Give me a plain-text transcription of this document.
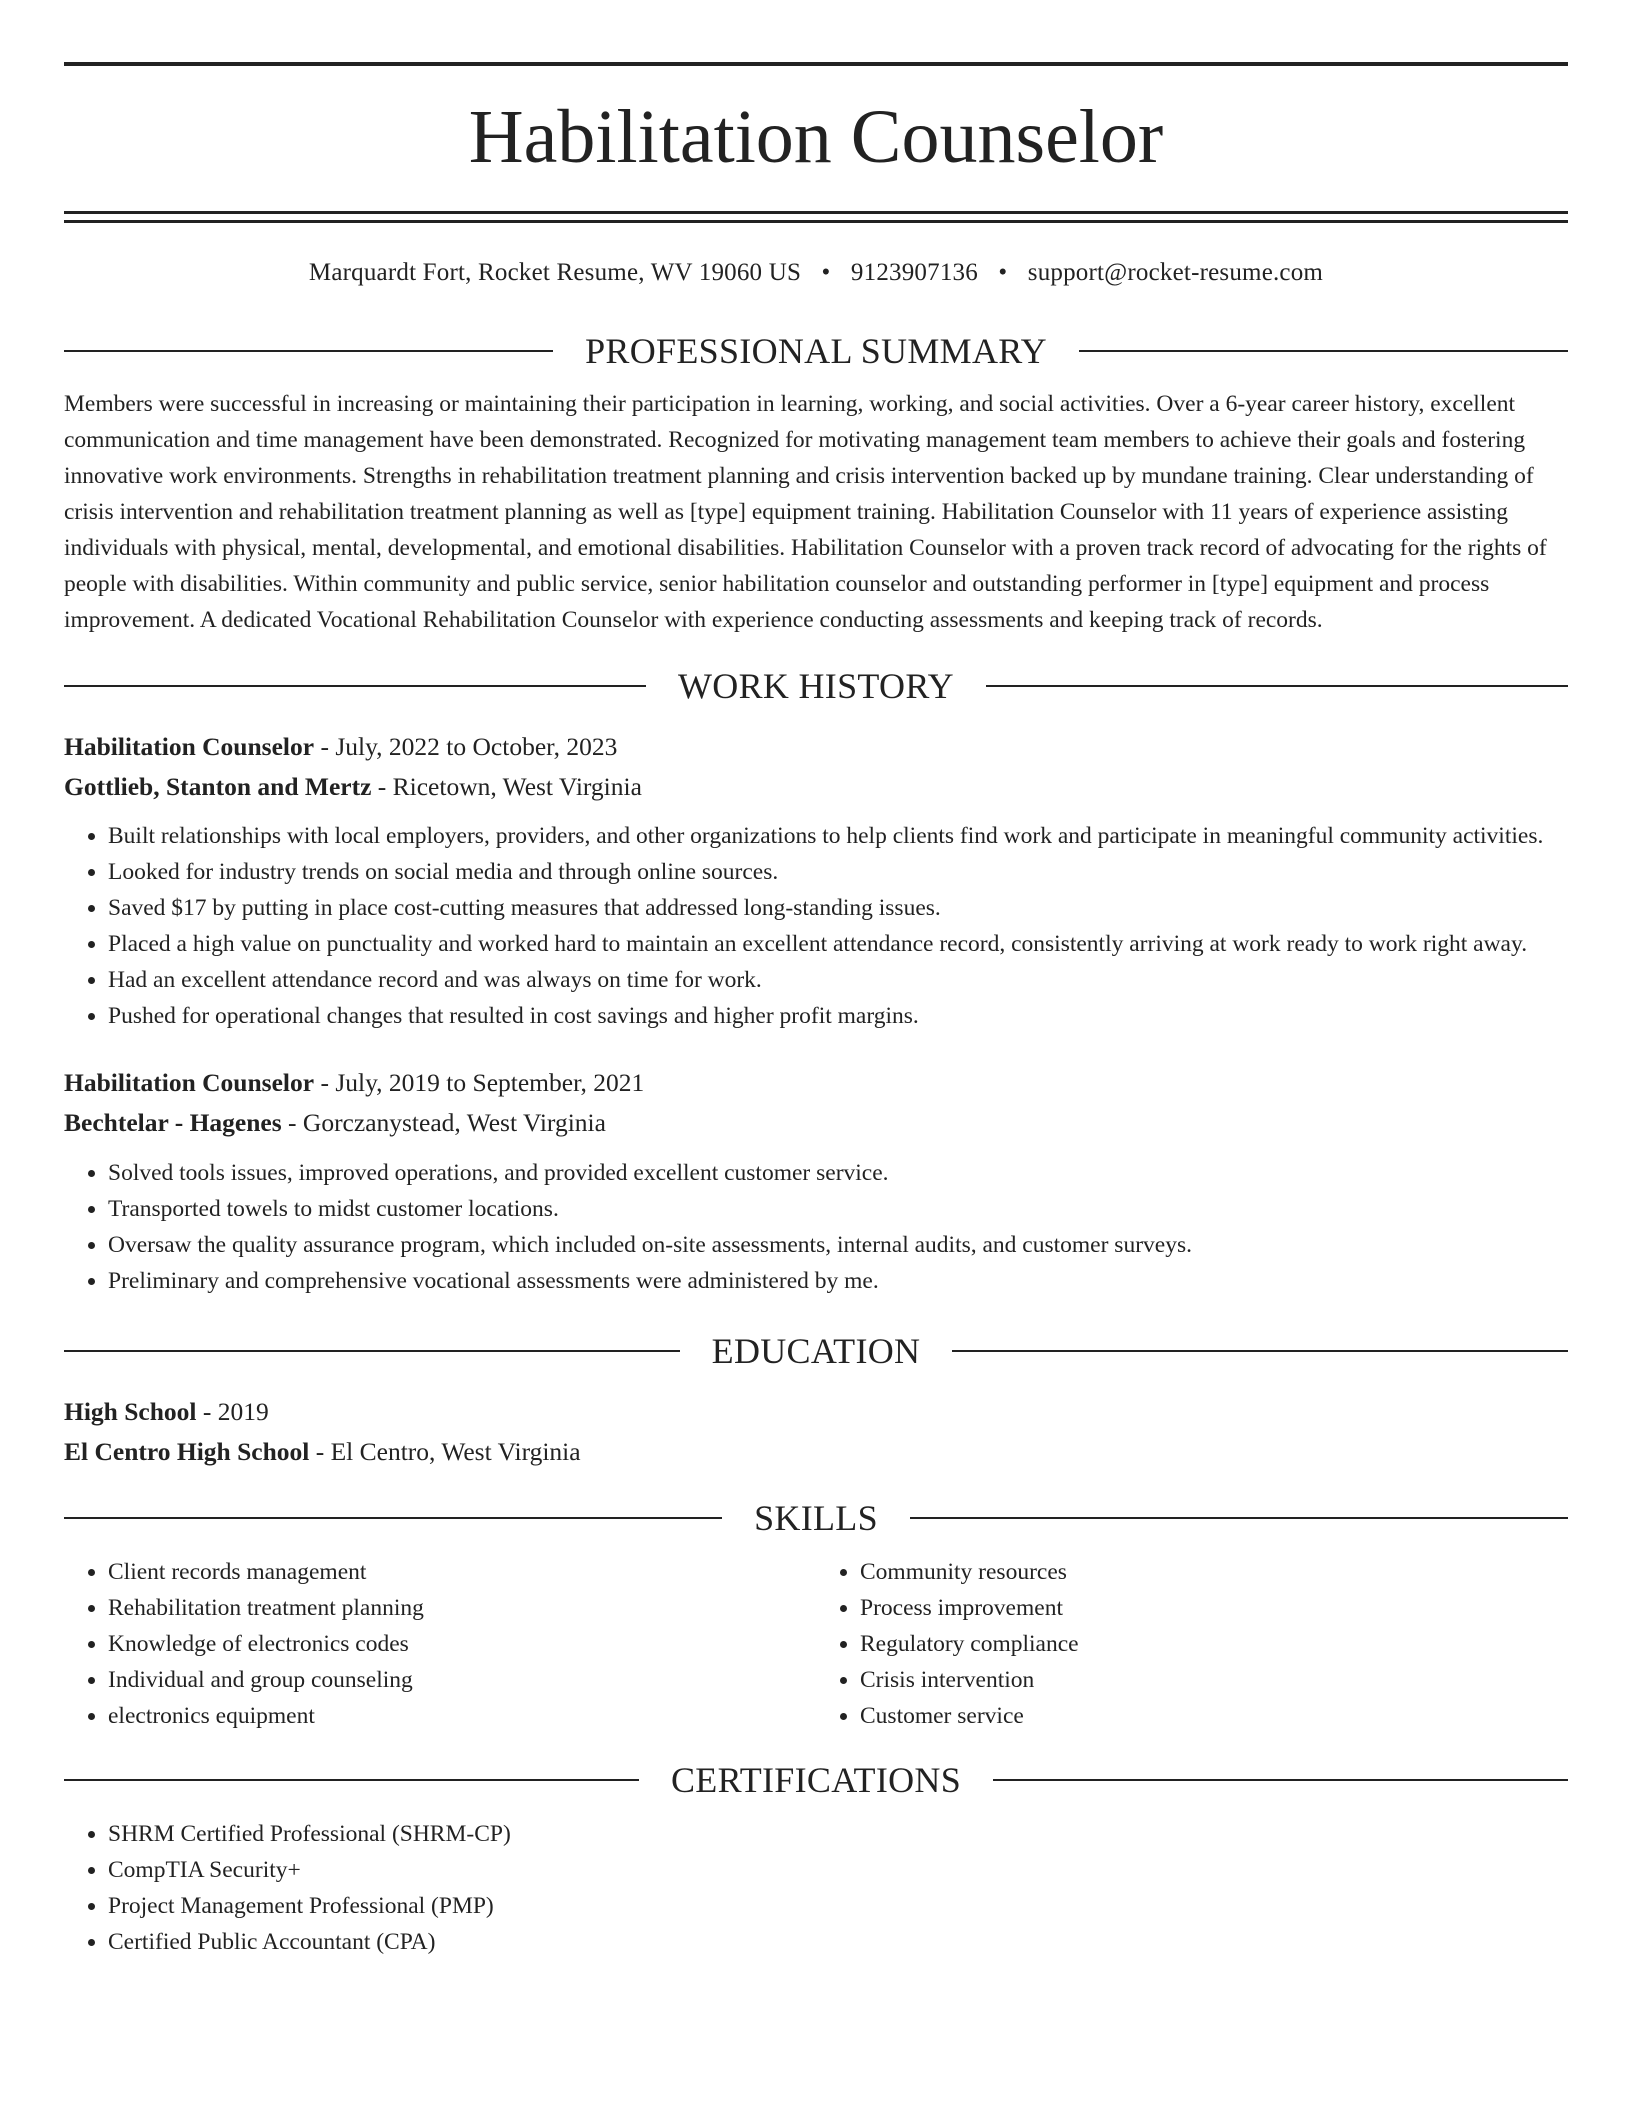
Habilitation Counselor
Marquardt Fort, Rocket Resume, WV 19060 US • 9123907136 • support@rocket-resume.com
PROFESSIONAL SUMMARY

Members were successful in increasing or maintaining their participation in learning, working, and social activities. Over a 6-year career history, excellent communication and time management have been demonstrated. Recognized for motivating management team members to achieve their goals and fostering innovative work environments. Strengths in rehabilitation treatment planning and crisis intervention backed up by mundane training. Clear understanding of crisis intervention and rehabilitation treatment planning as well as [type] equipment training. Habilitation Counselor with 11 years of experience assisting individuals with physical, mental, developmental, and emotional disabilities. Habilitation Counselor with a proven track record of advocating for the rights of people with disabilities. Within community and public service, senior habilitation counselor and outstanding performer in [type] equipment and process improvement. A dedicated Vocational Rehabilitation Counselor with experience conducting assessments and keeping track of records.

WORK HISTORY
Habilitation Counselor - July, 2022 to October, 2023
Gottlieb, Stanton and Mertz - Ricetown, West Virginia
• Built relationships with local employers, providers, and other organizations to help clients find work and participate in meaningful community activities.
• Looked for industry trends on social media and through online sources.
• Saved $17 by putting in place cost-cutting measures that addressed long-standing issues.
• Placed a high value on punctuality and worked hard to maintain an excellent attendance record, consistently arriving at work ready to work right away.
• Had an excellent attendance record and was always on time for work.
• Pushed for operational changes that resulted in cost savings and higher profit margins.
Habilitation Counselor - July, 2019 to September, 2021
Bechtelar - Hagenes - Gorczanystead, West Virginia
• Solved tools issues, improved operations, and provided excellent customer service.
• Transported towels to midst customer locations.
• Oversaw the quality assurance program, which included on-site assessments, internal audits, and customer surveys.
• Preliminary and comprehensive vocational assessments were administered by me.
EDUCATION
High School - 2019
El Centro High School - El Centro, West Virginia
SKILLS
• Client records management
• Rehabilitation treatment planning
• Knowledge of electronics codes
• Individual and group counseling
• electronics equipment
• Community resources
• Process improvement
• Regulatory compliance
• Crisis intervention
• Customer service
CERTIFICATIONS
• SHRM Certified Professional (SHRM-CP)
• CompTIA Security+
• Project Management Professional (PMP)
• Certified Public Accountant (CPA)
